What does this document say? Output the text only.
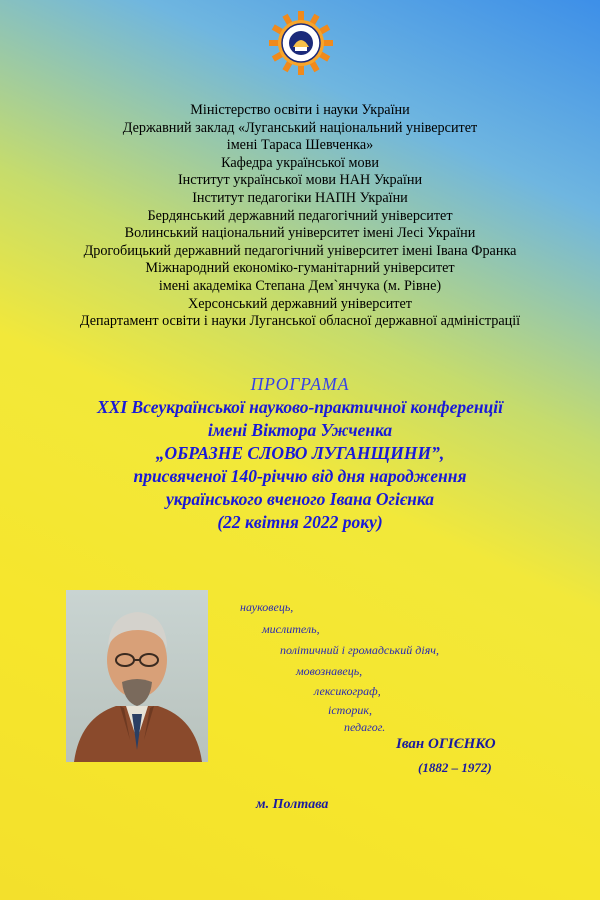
Міністерство освіти і науки України
Державний заклад «Луганський національний університет
імені Тараса Шевченка»
Кафедра української мови
Інститут української мови НАН України
Інститут педагогіки НАПН України
Бердянський державний педагогічний університет
Волинський національний університет імені Лесі України
Дрогобицький державний педагогічний університет імені Івана Франка
Міжнародний економіко-гуманітарний університет
імені академіка Степана Дем`янчука (м. Рівне)
Херсонський державний університет
Департамент освіти і науки Луганської обласної державної адміністрації
ПРОГРАМА
ХХІ Всеукраїнської науково-практичної конференції
імені Віктора Ужченка
„ОБРАЗНЕ СЛОВО ЛУГАНЩИНИ”,
присвяченої 140-річчю від дня народження
українського вченого Івана Огієнка
(22 квітня 2022 року)
науковець,
мислитель,
політичний і громадський діяч,
мовознавець,
лексикограф,
історик,
педагог.
Іван ОГІЄНКО
(1882 – 1972)
м. Полтава
